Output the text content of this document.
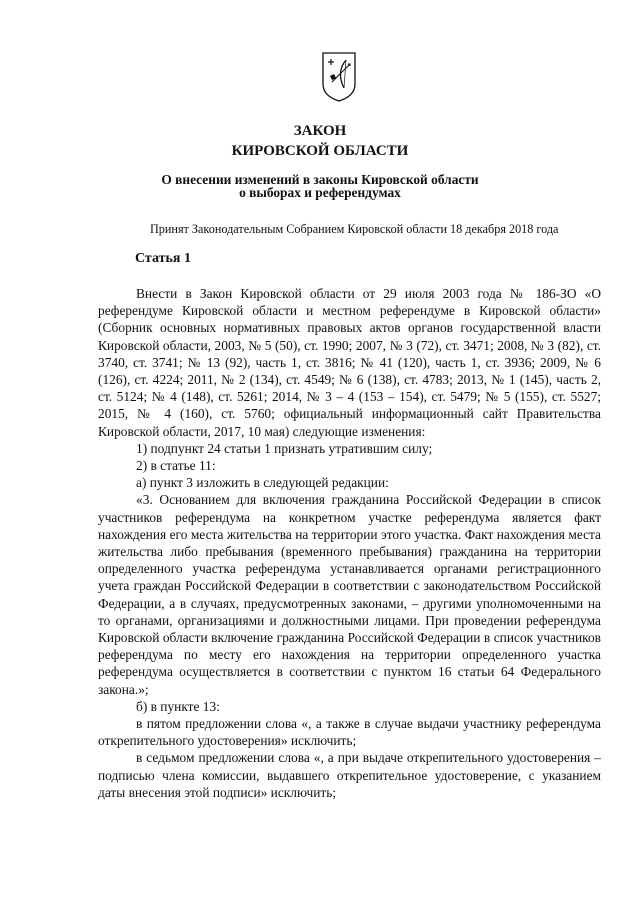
ЗАКОН

КИРОВСКОЙ ОБЛАСТИ

О внесении изменений в законы Кировской области

о выборах и референдумах

Принят Законодательным Собранием Кировской области 18 декабря 2018 года

Статья 1

Внести в Закон Кировской области от 29 июля 2003 года № 186-ЗО «О референдуме Кировской области и местном референдуме в Кировской области» (Сборник основных нормативных правовых актов органов государственной власти Кировской области, 2003, № 5 (50), ст. 1990; 2007, № 3 (72), ст. 3471; 2008, № 3 (82), ст. 3740, ст. 3741; № 13 (92), часть 1, ст. 3816; № 41 (120), часть 1, ст. 3936; 2009, № 6 (126), ст. 4224; 2011, № 2 (134), ст. 4549; № 6 (138), ст. 4783; 2013, № 1 (145), часть 2, ст. 5124; № 4 (148), ст. 5261; 2014, № 3 – 4 (153 – 154), ст. 5479; № 5 (155), ст. 5527; 2015, № 4 (160), ст. 5760; официальный информационный сайт Правительства Кировской области, 2017, 10 мая) следующие изменения:

1) подпункт 24 статьи 1 признать утратившим силу;

2) в статье 11:

а) пункт 3 изложить в следующей редакции:

«3. Основанием для включения гражданина Российской Федерации в список участников референдума на конкретном участке референдума является факт нахождения его места жительства на территории этого участка. Факт нахождения места жительства либо пребывания (временного пребывания) гражданина на территории определенного участка референдума устанавливается органами регистрационного учета граждан Российской Федерации в соответствии с законодательством Российской Федерации, а в случаях, предусмотренных законами, – другими уполномоченными на то органами, организациями и должностными лицами. При проведении референдума Кировской области включение гражданина Российской Федерации в список участников референдума по месту его нахождения на территории определенного участка референдума осуществляется в соответствии с пунктом 16 статьи 64 Федерального закона.»;

б) в пункте 13:

в пятом предложении слова «, а также в случае выдачи участнику референдума открепительного удостоверения» исключить;

в седьмом предложении слова «, а при выдаче открепительного удостоверения – подписью члена комиссии, выдавшего открепительное удостоверение, с указанием даты внесения этой подписи» исключить;
